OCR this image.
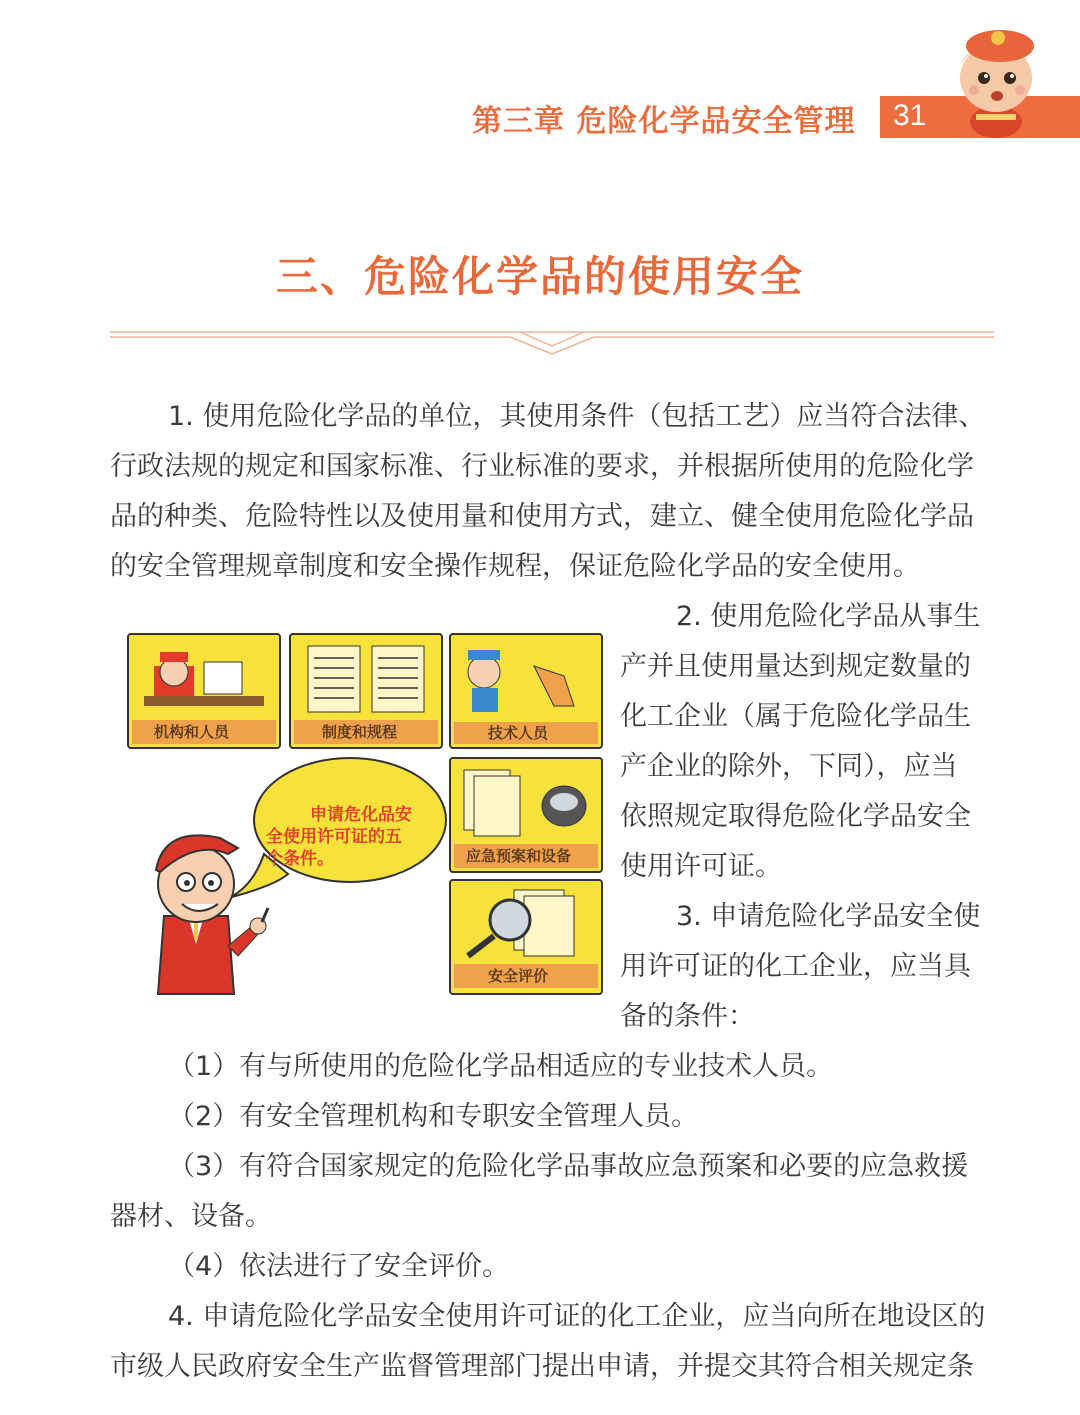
第三章 危险化学品安全管理 31
三、危险化学品的使用安全
1. 使用危险化学品的单位，其使用条件（包括工艺）应当符合法律、
行政法规的规定和国家标准、行业标准的要求，并根据所使用的危险化学
品的种类、危险特性以及使用量和使用方式，建立、健全使用危险化学品
的安全管理规章制度和安全操作规程，保证危险化学品的安全使用。
机构和人员	制度和规程	技术人员
应急预案和设备
安全评价
申请危化品安
全使用许可证的五
个条件。
2. 使用危险化学品从事生
产并且使用量达到规定数量的
化工企业（属于危险化学品生
产企业的除外，下同），应当
依照规定取得危险化学品安全
使用许可证。
3. 申请危险化学品安全使
用许可证的化工企业，应当具
备的条件：
（1）有与所使用的危险化学品相适应的专业技术人员。
（2）有安全管理机构和专职安全管理人员。
（3）有符合国家规定的危险化学品事故应急预案和必要的应急救援
器材、设备。
（4）依法进行了安全评价。
4. 申请危险化学品安全使用许可证的化工企业，应当向所在地设区的
市级人民政府安全生产监督管理部门提出申请，并提交其符合相关规定条
